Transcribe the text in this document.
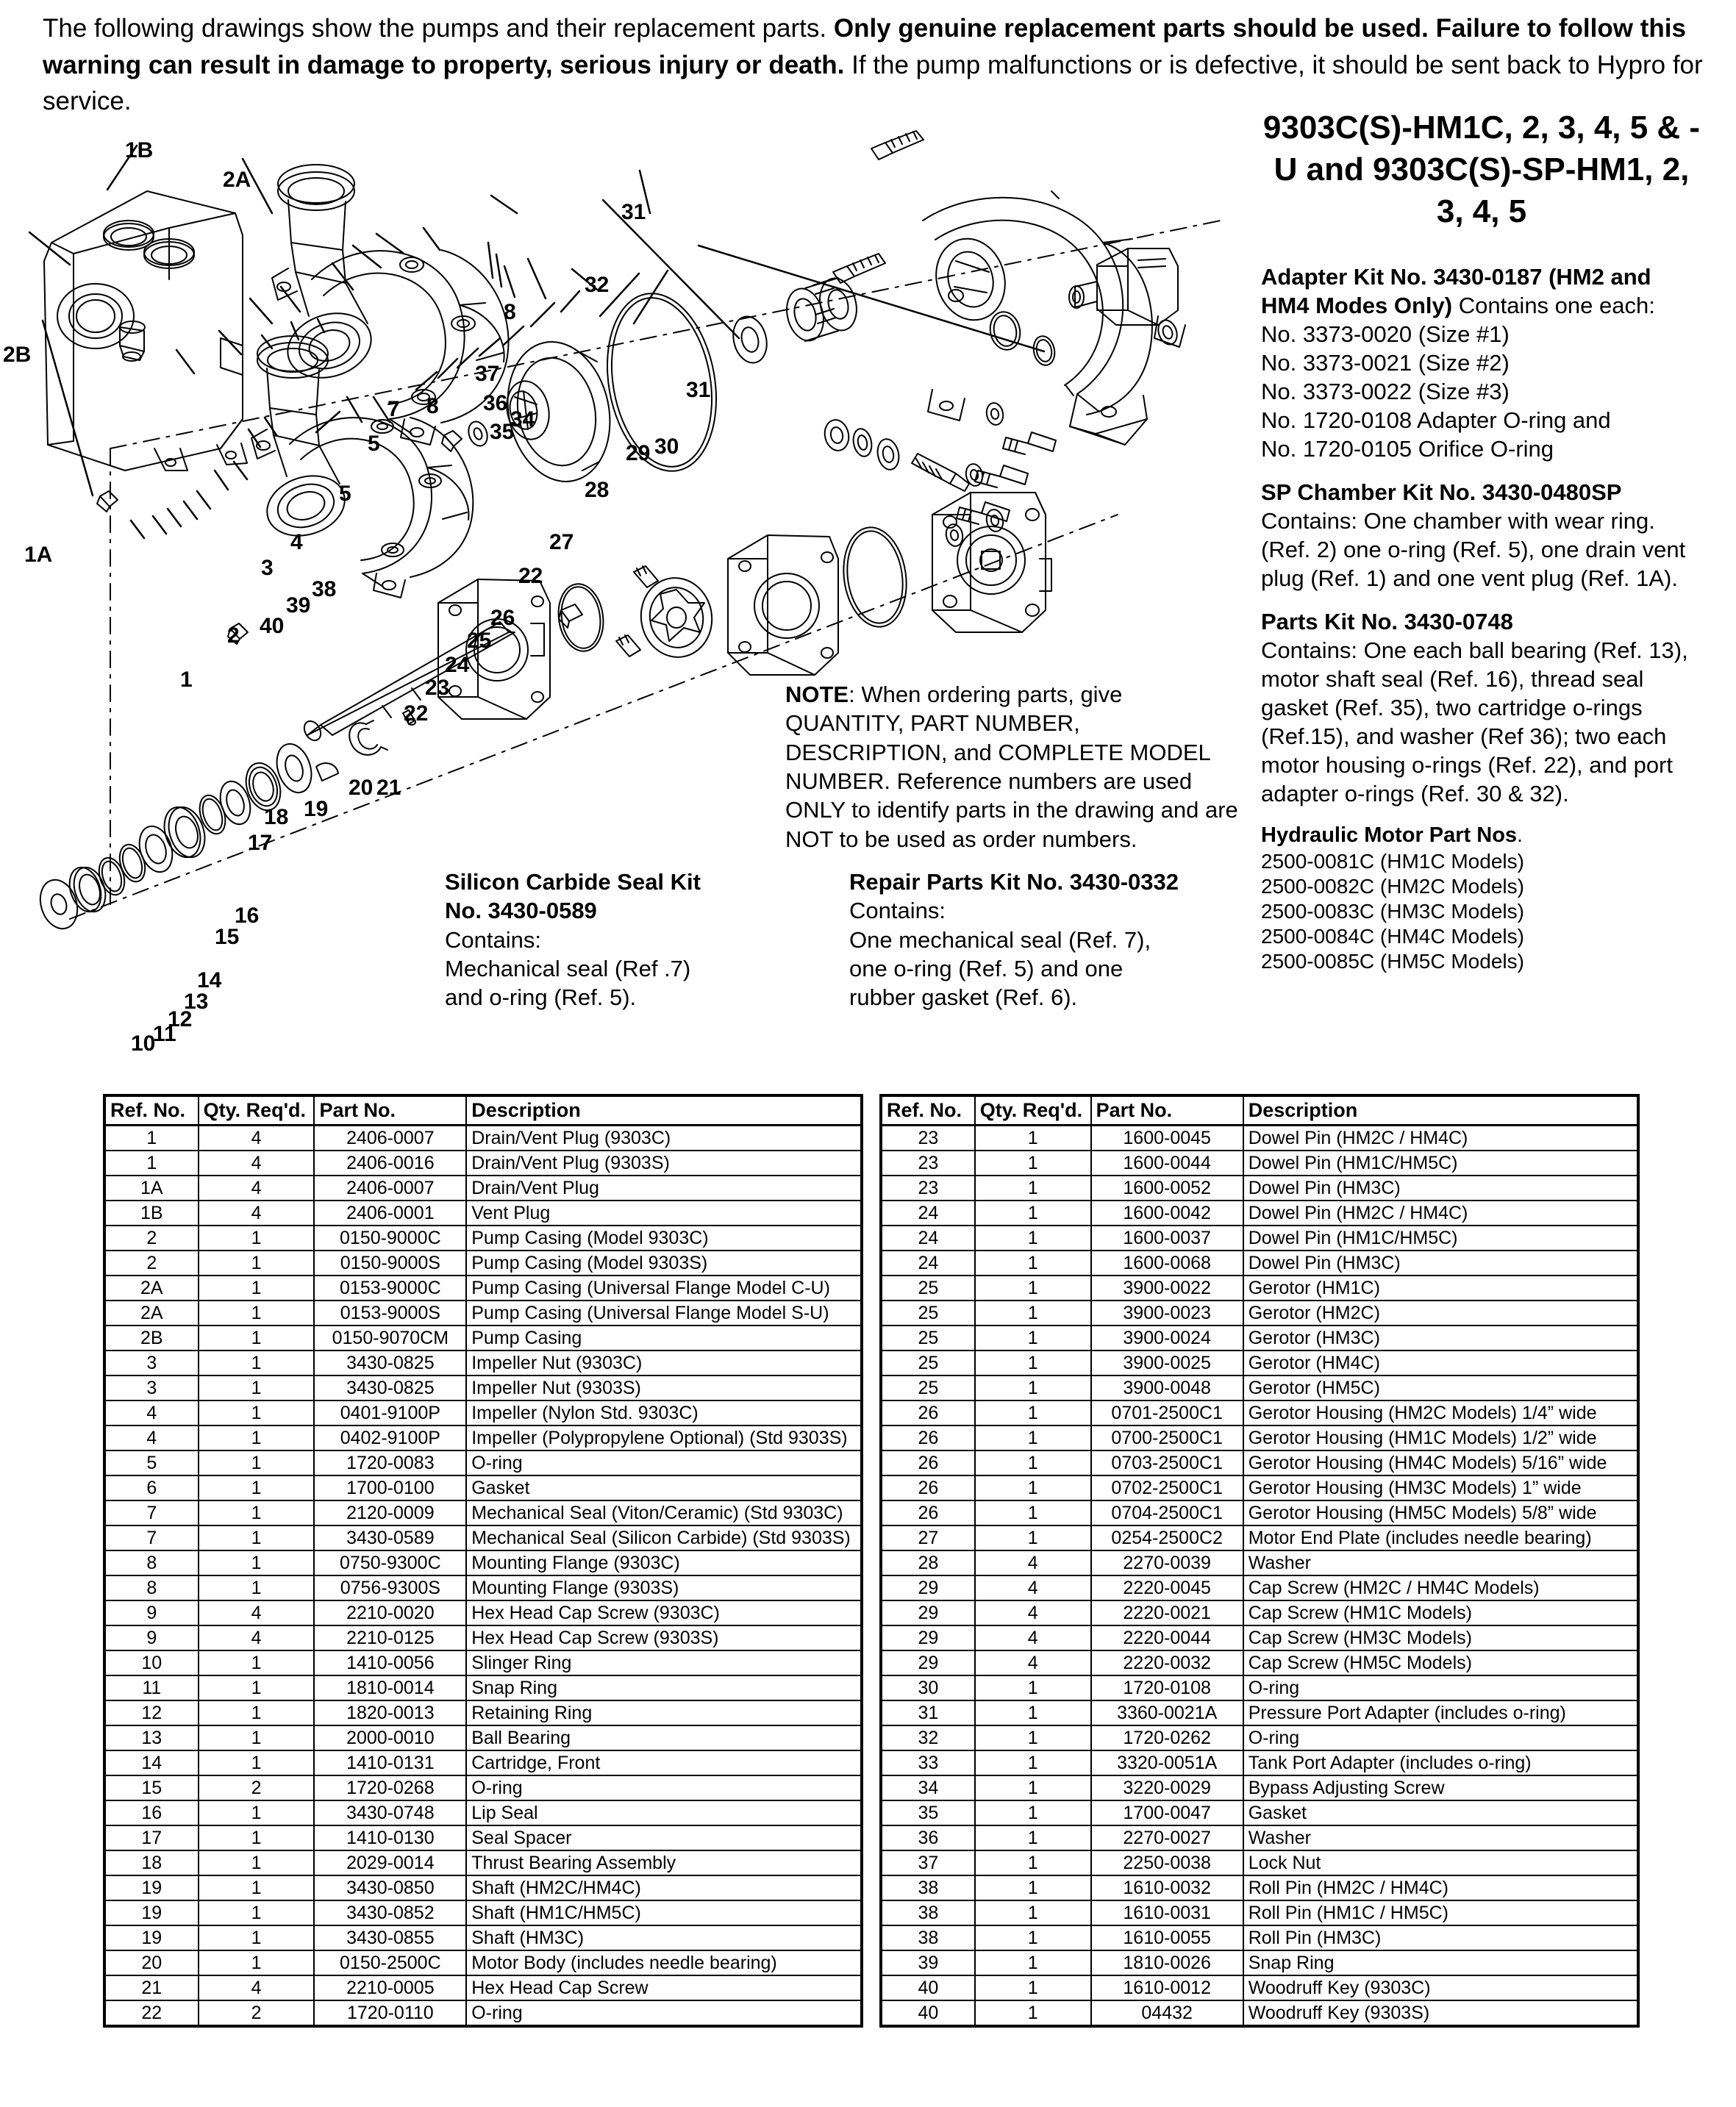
The following drawings show the pumps and their replacement parts. Only genuine replacement parts should be used. Failure to follow this warning can result in damage to property, serious injury or death. If the pump malfunctions or is defective, it should be sent back to Hypro for service.
1B
2A
2B
1A
8
31
32
37
36
35
34
31
30
29
28
7 8
5
5
27
22
26
25
24
23
22
3
4
2
1
40
39
38
19
20 21
18
17
16
15
14
13
12
11
10
9303C(S)-HM1C, 2, 3, 4, 5 & -U and 9303C(S)-SP-HM1, 2, 3, 4, 5
Adapter Kit No. 3430-0187 (HM2 and HM4 Modes Only) Contains one each:
No. 3373-0020 (Size #1)
No. 3373-0021 (Size #2)
No. 3373-0022 (Size #3)
No. 1720-0108 Adapter O-ring and
No. 1720-0105 Orifice O-ring
SP Chamber Kit No. 3430-0480SP
Contains: One chamber with wear ring. (Ref. 2) one o-ring (Ref. 5), one drain vent plug (Ref. 1) and one vent plug (Ref. 1A).
Parts Kit No. 3430-0748
Contains: One each ball bearing (Ref. 13), motor shaft seal (Ref. 16), thread seal gasket (Ref. 35), two cartridge o-rings (Ref.15), and washer (Ref 36); two each motor housing o-rings (Ref. 22), and port adapter o-rings (Ref. 30 & 32).
Hydraulic Motor Part Nos.
2500-0081C (HM1C Models)
2500-0082C (HM2C Models)
2500-0083C (HM3C Models)
2500-0084C (HM4C Models)
2500-0085C (HM5C Models)
NOTE: When ordering parts, give QUANTITY, PART NUMBER, DESCRIPTION, and COMPLETE MODEL NUMBER. Reference numbers are used ONLY to identify parts in the drawing and are NOT to be used as order numbers.
Silicon Carbide Seal Kit No. 3430-0589
Contains:
Mechanical seal (Ref .7) and o-ring (Ref. 5).
Repair Parts Kit No. 3430-0332
Contains:
One mechanical seal (Ref. 7), one o-ring (Ref. 5) and one rubber gasket (Ref. 6).
Ref. No.	Qty. Req'd.	Part No.	Description
1	4	2406-0007	Drain/Vent Plug (9303C)
1	4	2406-0016	Drain/Vent Plug (9303S)
1A	4	2406-0007	Drain/Vent Plug
1B	4	2406-0001	Vent Plug
2	1	0150-9000C	Pump Casing (Model 9303C)
2	1	0150-9000S	Pump Casing (Model 9303S)
2A	1	0153-9000C	Pump Casing (Universal Flange Model C-U)
2A	1	0153-9000S	Pump Casing (Universal Flange Model S-U)
2B	1	0150-9070CM	Pump Casing
3	1	3430-0825	Impeller Nut (9303C)
3	1	3430-0825	Impeller Nut (9303S)
4	1	0401-9100P	Impeller (Nylon Std. 9303C)
4	1	0402-9100P	Impeller (Polypropylene Optional) (Std 9303S)
5	1	1720-0083	O-ring
6	1	1700-0100	Gasket
7	1	2120-0009	Mechanical Seal (Viton/Ceramic) (Std 9303C)
7	1	3430-0589	Mechanical Seal (Silicon Carbide) (Std 9303S)
8	1	0750-9300C	Mounting Flange (9303C)
8	1	0756-9300S	Mounting Flange (9303S)
9	4	2210-0020	Hex Head Cap Screw (9303C)
9	4	2210-0125	Hex Head Cap Screw (9303S)
10	1	1410-0056	Slinger Ring
11	1	1810-0014	Snap Ring
12	1	1820-0013	Retaining Ring
13	1	2000-0010	Ball Bearing
14	1	1410-0131	Cartridge, Front
15	2	1720-0268	O-ring
16	1	3430-0748	Lip Seal
17	1	1410-0130	Seal Spacer
18	1	2029-0014	Thrust Bearing Assembly
19	1	3430-0850	Shaft (HM2C/HM4C)
19	1	3430-0852	Shaft (HM1C/HM5C)
19	1	3430-0855	Shaft (HM3C)
20	1	0150-2500C	Motor Body (includes needle bearing)
21	4	2210-0005	Hex Head Cap Screw
22	2	1720-0110	O-ring
Ref. No.	Qty. Req'd.	Part No.	Description
23	1	1600-0045	Dowel Pin (HM2C / HM4C)
23	1	1600-0044	Dowel Pin (HM1C/HM5C)
23	1	1600-0052	Dowel Pin (HM3C)
24	1	1600-0042	Dowel Pin (HM2C / HM4C)
24	1	1600-0037	Dowel Pin (HM1C/HM5C)
24	1	1600-0068	Dowel Pin (HM3C)
25	1	3900-0022	Gerotor (HM1C)
25	1	3900-0023	Gerotor (HM2C)
25	1	3900-0024	Gerotor (HM3C)
25	1	3900-0025	Gerotor (HM4C)
25	1	3900-0048	Gerotor (HM5C)
26	1	0701-2500C1	Gerotor Housing (HM2C Models) 1/4” wide
26	1	0700-2500C1	Gerotor Housing (HM1C Models) 1/2” wide
26	1	0703-2500C1	Gerotor Housing (HM4C Models) 5/16” wide
26	1	0702-2500C1	Gerotor Housing (HM3C Models) 1” wide
26	1	0704-2500C1	Gerotor Housing (HM5C Models) 5/8” wide
27	1	0254-2500C2	Motor End Plate (includes needle bearing)
28	4	2270-0039	Washer
29	4	2220-0045	Cap Screw (HM2C / HM4C Models)
29	4	2220-0021	Cap Screw (HM1C Models)
29	4	2220-0044	Cap Screw (HM3C Models)
29	4	2220-0032	Cap Screw (HM5C Models)
30	1	1720-0108	O-ring
31	1	3360-0021A	Pressure Port Adapter (includes o-ring)
32	1	1720-0262	O-ring
33	1	3320-0051A	Tank Port Adapter (includes o-ring)
34	1	3220-0029	Bypass Adjusting Screw
35	1	1700-0047	Gasket
36	1	2270-0027	Washer
37	1	2250-0038	Lock Nut
38	1	1610-0032	Roll Pin (HM2C / HM4C)
38	1	1610-0031	Roll Pin (HM1C / HM5C)
38	1	1610-0055	Roll Pin (HM3C)
39	1	1810-0026	Snap Ring
40	1	1610-0012	Woodruff Key (9303C)
40	1	04432	Woodruff Key (9303S)
